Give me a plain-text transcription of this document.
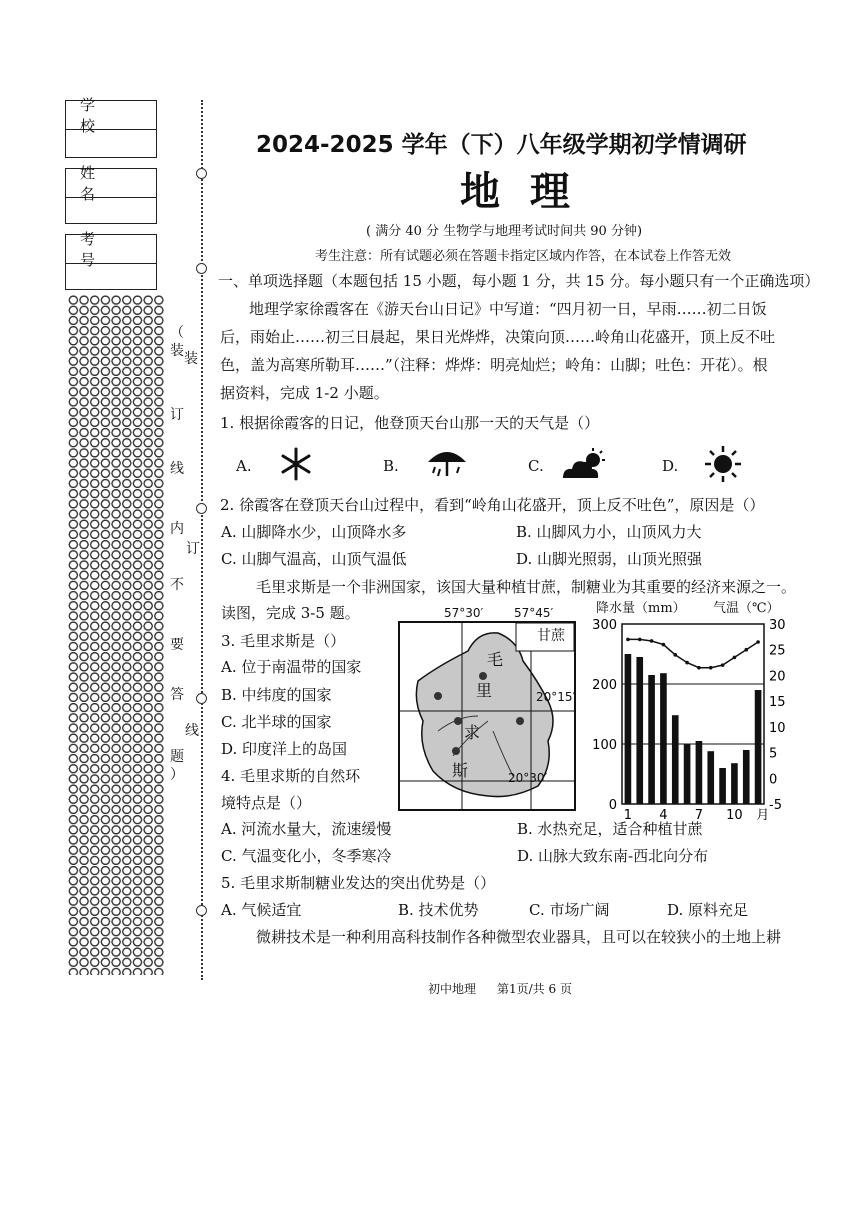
学 校
姓 名
考 号
（
装
订
线
内
不
要
答
题
）
装
订
线
2024-2025 学年（下）八年级学期初学情调研
地 理
( 满分 40 分 生物学与地理考试时间共 90 分钟)
考生注意：所有试题必须在答题卡指定区域内作答，在本试卷上作答无效
一、单项选择题（本题包括 15 小题，每小题 1 分，共 15 分。每小题只有一个正确选项）
地理学家徐霞客在《游天台山日记》中写道：“四月初一日，早雨……初二日饭
后，雨始止……初三日晨起，果日光烨烨，决策向顶……岭角山花盛开，顶上反不吐
色，盖为高寒所勒耳……”（注释：烨烨：明亮灿烂；岭角：山脚；吐色：开花）。根
据资料，完成 1-2 小题。
1. 根据徐霞客的日记，他登顶天台山那一天的天气是（）
A.	B.	C.	D.
2. 徐霞客在登顶天台山过程中，看到“岭角山花盛开，顶上反不吐色”，原因是（）
A. 山脚降水少，山顶降水多	B. 山脚风力小，山顶风力大
C. 山脚气温高，山顶气温低	D. 山脚光照弱，山顶光照强
毛里求斯是一个非洲国家，该国大量种植甘蔗，制糖业为其重要的经济来源之一。
读图，完成 3-5 题。
3. 毛里求斯是（）
A. 位于南温带的国家
B. 中纬度的国家
C. 北半球的国家
D. 印度洋上的岛国
4. 毛里求斯的自然环
境特点是（）
A. 河流水量大，流速缓慢	B. 水热充足，适合种植甘蔗
C. 气温变化小，冬季寒冷	D. 山脉大致东南-西北向分布
5. 毛里求斯制糖业发达的突出优势是（）
A. 气候适宜	B. 技术优势	C. 市场广阔	D. 原料充足
微耕技术是一种利用高科技制作各种微型农业器具，且可以在较狭小的土地上耕
57°30′	57°45′
甘蔗
毛
里
求
斯
20°15′
20°30′
降水量（mm） 气温（℃）
300
200
100
0
30
25
20
15
10
5
0
-5
1 4 7 10 月
初中地理 第1页/共 6 页
